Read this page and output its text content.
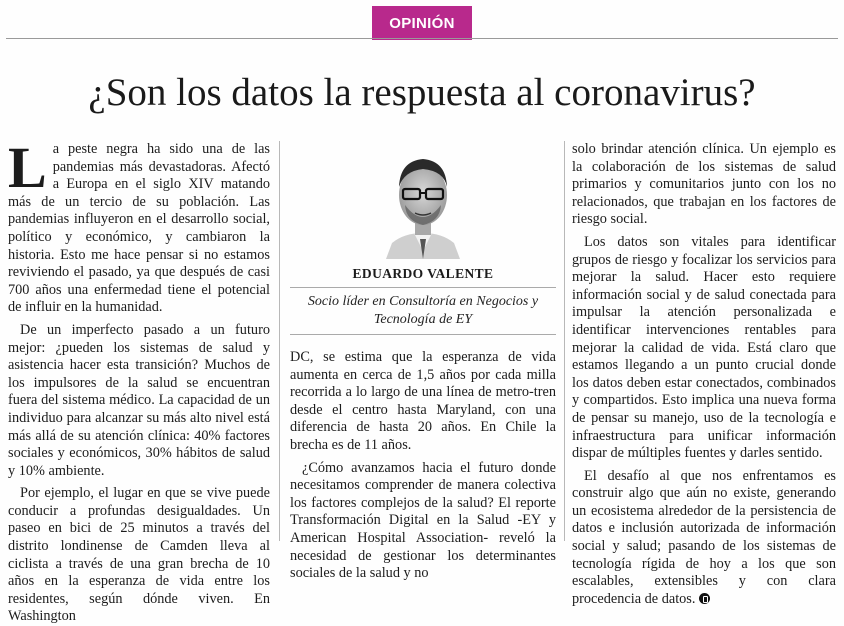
OPINIÓN
¿Son los datos la respuesta al coronavirus?

La peste negra ha sido una de las pandemias más devastadoras. Afectó a Europa en el siglo XIV matando más de un tercio de su población. Las pandemias influyeron en el desarrollo social, político y económico, y cambiaron la historia. Esto me hace pensar si no estamos reviviendo el pasado, ya que después de casi 700 años una enfermedad tiene el potencial de influir en la humanidad.

De un imperfecto pasado a un futuro mejor: ¿pueden los sistemas de salud y asistencia hacer esta transición? Muchos de los impulsores de la salud se encuentran fuera del sistema médico. La capacidad de un individuo para alcanzar su más alto nivel está más allá de su atención clínica: 40% factores sociales y económicos, 30% hábitos de salud y 10% ambiente.

Por ejemplo, el lugar en que se vive puede conducir a profundas desigualdades. Un paseo en bici de 25 minutos a través del distrito londinense de Camden lleva al ciclista a través de una gran brecha de 10 años en la esperanza de vida entre los residentes, según dónde viven. En Washington

EDUARDO VALENTE
Socio líder en Consultoría en Negocios y Tecnología de EY

DC, se estima que la esperanza de vida aumenta en cerca de 1,5 años por cada milla recorrida a lo largo de una línea de metro-tren desde el centro hasta Maryland, con una diferencia de hasta 20 años. En Chile la brecha es de 11 años.

¿Cómo avanzamos hacia el futuro donde necesitamos comprender de manera colectiva los factores complejos de la salud? El reporte Transformación Digital en la Salud -EY y American Hospital Association- reveló la necesidad de gestionar los determinantes sociales de la salud y no

solo brindar atención clínica. Un ejemplo es la colaboración de los sistemas de salud primarios y comunitarios junto con los no relacionados, que trabajan en los factores de riesgo social.

Los datos son vitales para identificar grupos de riesgo y focalizar los servicios para mejorar la salud. Hacer esto requiere información social y de salud conectada para impulsar la atención personalizada e identificar intervenciones rentables para mejorar la calidad de vida. Está claro que estamos llegando a un punto crucial donde los datos deben estar conectados, combinados y compartidos. Esto implica una nueva forma de pensar su manejo, uso de la tecnología e infraestructura para unificar información dispar de múltiples fuentes y darles sentido.

El desafío al que nos enfrentamos es construir algo que aún no existe, generando un ecosistema alrededor de la persistencia de datos e inclusión autorizada de información social y salud; pasando de los sistemas de tecnología rígida de hoy a los que son escalables, extensibles y con clara procedencia de datos.
